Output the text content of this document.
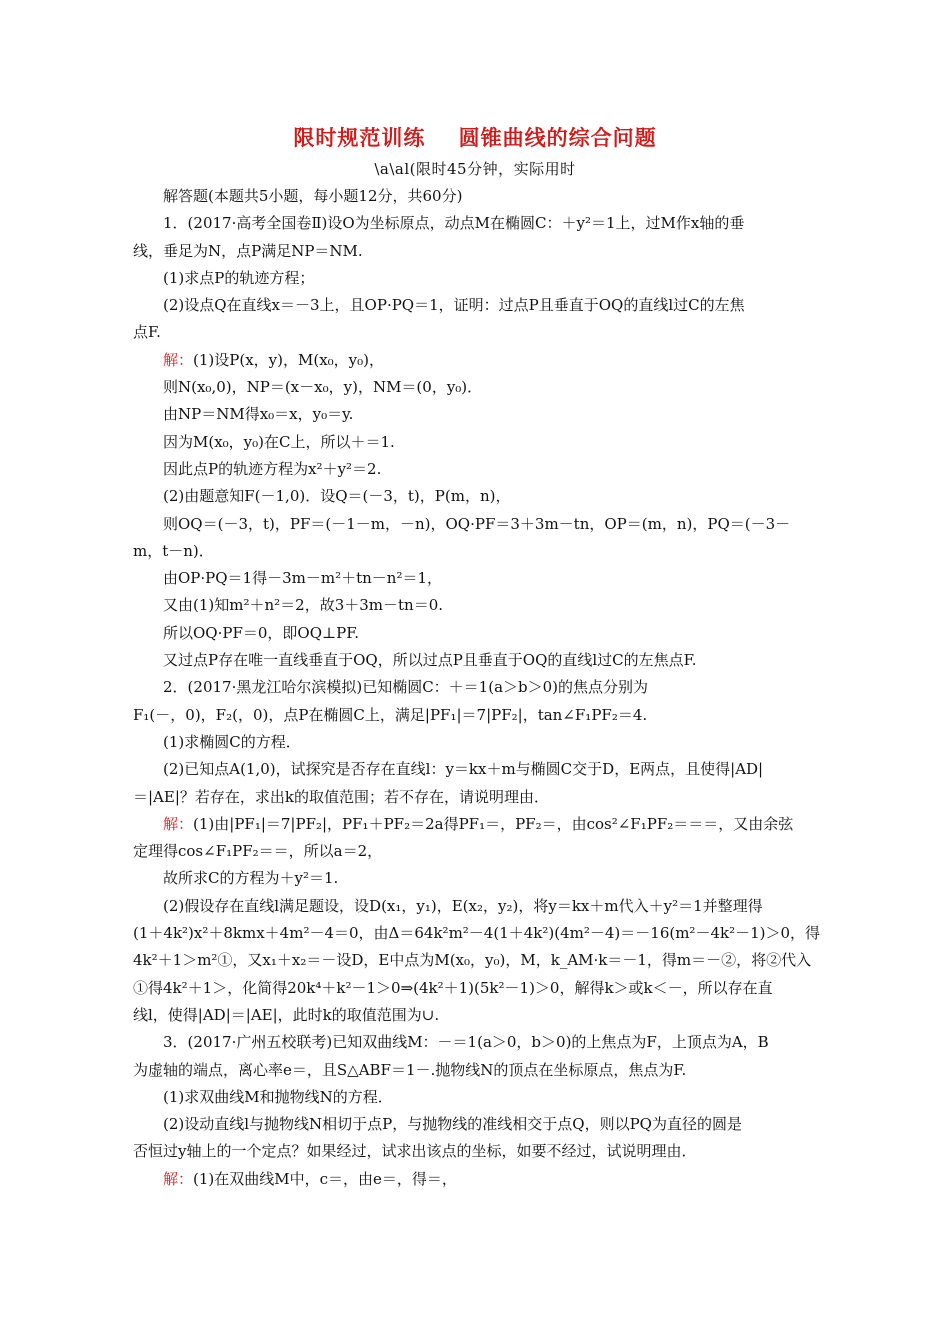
限时规范训练    圆锥曲线的综合问题
\a\al(限时45分钟，实际用时

解答题(本题共5小题，每小题12分，共60分)

1．(2017·高考全国卷Ⅱ)设O为坐标原点，动点M在椭圆C：＋y²＝1上，过M作x轴的垂

线，垂足为N，点P满足NP＝NM.

(1)求点P的轨迹方程；

(2)设点Q在直线x＝－3上，且OP·PQ＝1，证明：过点P且垂直于OQ的直线l过C的左焦

点F.

解：(1)设P(x，y)，M(x₀，y₀)，

则N(x₀,0)，NP＝(x－x₀，y)，NM＝(0，y₀)．

由NP＝NM得x₀＝x，y₀＝y.

因为M(x₀，y₀)在C上，所以＋＝1.

因此点P的轨迹方程为x²＋y²＝2.

(2)由题意知F(－1,0)．设Q＝(－3，t)，P(m，n)，

则OQ＝(－3，t)，PF＝(－1－m，－n)，OQ·PF＝3＋3m－tn，OP＝(m，n)，PQ＝(－3－

m，t－n)．

由OP·PQ＝1得－3m－m²＋tn－n²＝1，

又由(1)知m²＋n²＝2，故3＋3m－tn＝0.

所以OQ·PF＝0，即OQ⊥PF.

又过点P存在唯一直线垂直于OQ，所以过点P且垂直于OQ的直线l过C的左焦点F.

2．(2017·黑龙江哈尔滨模拟)已知椭圆C：＋＝1(a＞b＞0)的焦点分别为

F₁(－，0)，F₂(，0)，点P在椭圆C上，满足|PF₁|＝7|PF₂|，tan∠F₁PF₂＝4.

(1)求椭圆C的方程．

(2)已知点A(1,0)，试探究是否存在直线l：y＝kx＋m与椭圆C交于D，E两点，且使得|AD|

＝|AE|？若存在，求出k的取值范围；若不存在，请说明理由．

解：(1)由|PF₁|＝7|PF₂|，PF₁＋PF₂＝2a得PF₁＝，PF₂＝，由cos²∠F₁PF₂＝＝＝，又由余弦

定理得cos∠F₁PF₂＝＝，所以a＝2，

故所求C的方程为＋y²＝1.

(2)假设存在直线l满足题设，设D(x₁，y₁)，E(x₂，y₂)，将y＝kx＋m代入＋y²＝1并整理得

(1＋4k²)x²＋8kmx＋4m²－4＝0，由Δ＝64k²m²－4(1＋4k²)(4m²－4)＝－16(m²－4k²－1)＞0，得

4k²＋1＞m²①，又x₁＋x₂＝－设D，E中点为M(x₀，y₀)，M，k_AM·k＝－1，得m＝－②，将②代入

①得4k²＋1＞，化简得20k⁴＋k²－1＞0⇒(4k²＋1)(5k²－1)＞0，解得k＞或k＜－，所以存在直

线l，使得|AD|＝|AE|，此时k的取值范围为∪.

3．(2017·广州五校联考)已知双曲线M：－＝1(a＞0，b＞0)的上焦点为F，上顶点为A，B

为虚轴的端点，离心率e＝，且S△ABF＝1－.抛物线N的顶点在坐标原点，焦点为F.

(1)求双曲线M和抛物线N的方程．

(2)设动直线l与抛物线N相切于点P，与抛物线的准线相交于点Q，则以PQ为直径的圆是

否恒过y轴上的一个定点？如果经过，试求出该点的坐标，如要不经过，试说明理由．

解：(1)在双曲线M中，c＝，由e＝，得＝，
